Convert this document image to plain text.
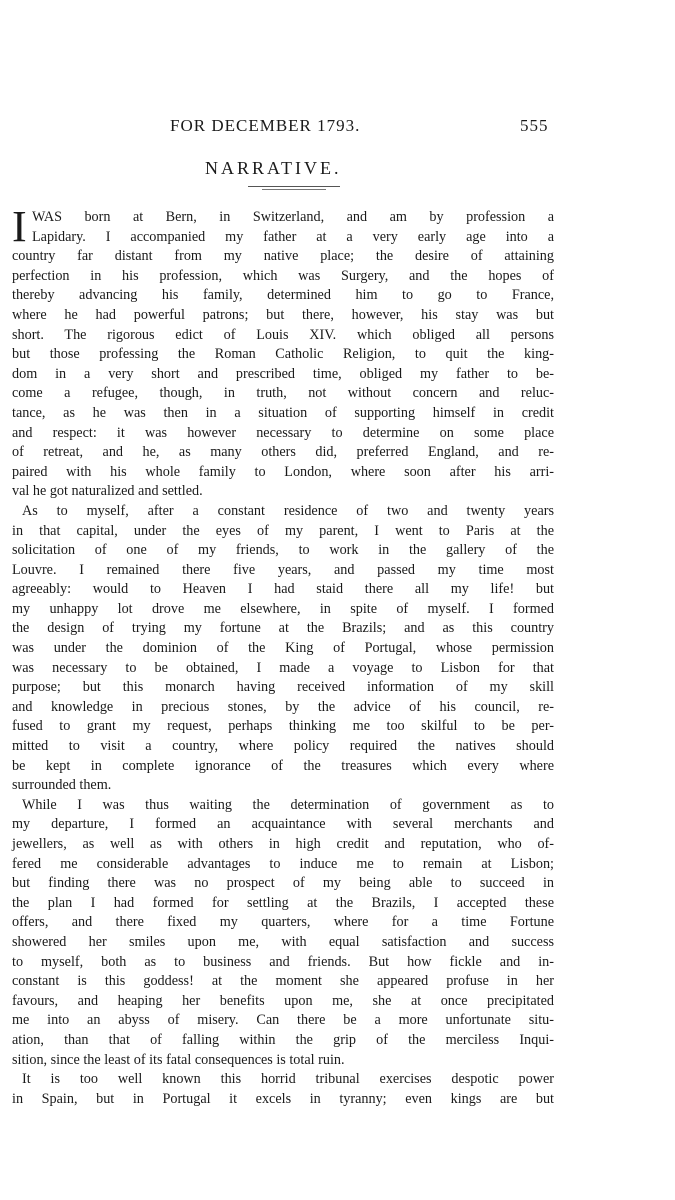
FOR DECEMBER 1793.	555
NARRATIVE.
I WAS born at Bern, in Switzerland, and am by profession a
Lapidary. I accompanied my father at a very early age into a
country far distant from my native place; the desire of attaining
perfection in his profession, which was Surgery, and the hopes of
thereby advancing his family, determined him to go to France,
where he had powerful patrons; but there, however, his stay was but
short. The rigorous edict of Louis XIV. which obliged all persons
but those professing the Roman Catholic Religion, to quit the king-
dom in a very short and prescribed time, obliged my father to be-
come a refugee, though, in truth, not without concern and reluc-
tance, as he was then in a situation of supporting himself in credit
and respect: it was however necessary to determine on some place
of retreat, and he, as many others did, preferred England, and re-
paired with his whole family to London, where soon after his arri-
val he got naturalized and settled.
As to myself, after a constant residence of two and twenty years
in that capital, under the eyes of my parent, I went to Paris at the
solicitation of one of my friends, to work in the gallery of the
Louvre. I remained there five years, and passed my time most
agreeably: would to Heaven I had staid there all my life! but
my unhappy lot drove me elsewhere, in spite of myself. I formed
the design of trying my fortune at the Brazils; and as this country
was under the dominion of the King of Portugal, whose permission
was necessary to be obtained, I made a voyage to Lisbon for that
purpose; but this monarch having received information of my skill
and knowledge in precious stones, by the advice of his council, re-
fused to grant my request, perhaps thinking me too skilful to be per-
mitted to visit a country, where policy required the natives should
be kept in complete ignorance of the treasures which every where
surrounded them.
While I was thus waiting the determination of government as to
my departure, I formed an acquaintance with several merchants and
jewellers, as well as with others in high credit and reputation, who of-
fered me considerable advantages to induce me to remain at Lisbon;
but finding there was no prospect of my being able to succeed in
the plan I had formed for settling at the Brazils, I accepted these
offers, and there fixed my quarters, where for a time Fortune
showered her smiles upon me, with equal satisfaction and success
to myself, both as to business and friends. But how fickle and in-
constant is this goddess! at the moment she appeared profuse in her
favours, and heaping her benefits upon me, she at once precipitated
me into an abyss of misery. Can there be a more unfortunate situ-
ation, than that of falling within the grip of the merciless Inqui-
sition, since the least of its fatal consequences is total ruin.
It is too well known this horrid tribunal exercises despotic power
in Spain, but in Portugal it excels in tyranny; even kings are but
